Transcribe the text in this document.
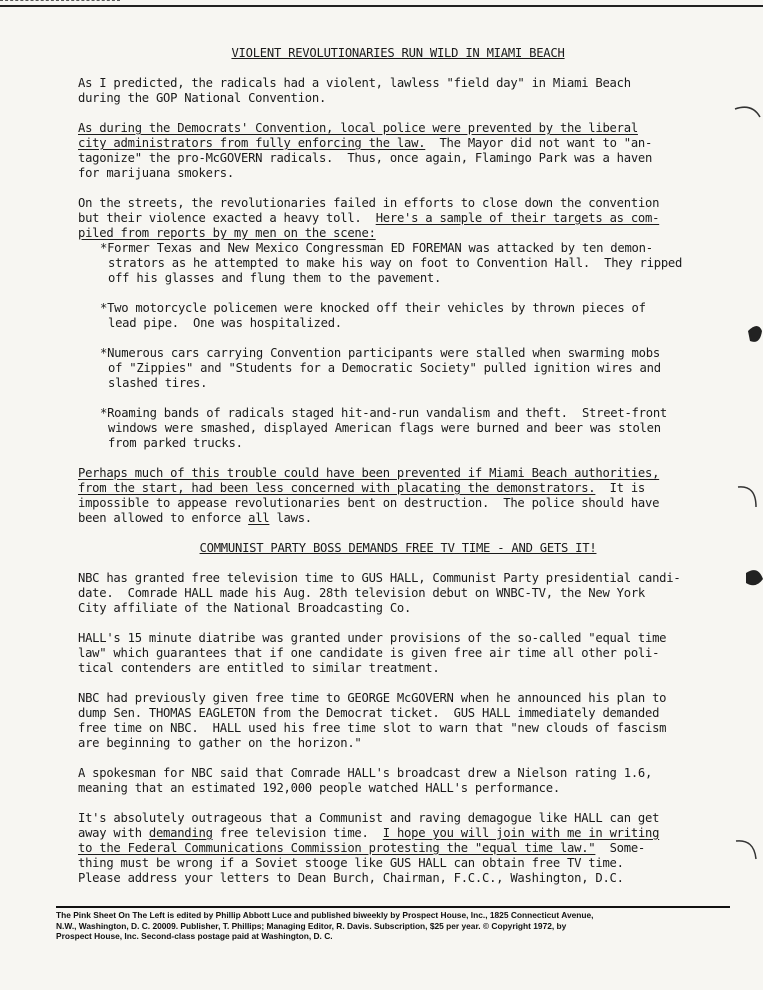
VIOLENT REVOLUTIONARIES RUN WILD IN MIAMI BEACH

As I predicted, the radicals had a violent, lawless "field day" in Miami Beach
during the GOP National Convention.

As during the Democrats' Convention, local police were prevented by the liberal
city administrators from fully enforcing the law.  The Mayor did not want to "an-
tagonize" the pro-McGOVERN radicals.  Thus, once again, Flamingo Park was a haven
for marijuana smokers.

On the streets, the revolutionaries failed in efforts to close down the convention
but their violence exacted a heavy toll.  Here's a sample of their targets as com-
piled from reports by my men on the scene:

*Former Texas and New Mexico Congressman ED FOREMAN was attacked by ten demon-
strators as he attempted to make his way on foot to Convention Hall.  They ripped
off his glasses and flung them to the pavement.
*Two motorcycle policemen were knocked off their vehicles by thrown pieces of
lead pipe.  One was hospitalized.
*Numerous cars carrying Convention participants were stalled when swarming mobs
of "Zippies" and "Students for a Democratic Society" pulled ignition wires and
slashed tires.
*Roaming bands of radicals staged hit-and-run vandalism and theft.  Street-front
windows were smashed, displayed American flags were burned and beer was stolen
from parked trucks.

Perhaps much of this trouble could have been prevented if Miami Beach authorities,
from the start, had been less concerned with placating the demonstrators.  It is
impossible to appease revolutionaries bent on destruction.  The police should have
been allowed to enforce all laws.

COMMUNIST PARTY BOSS DEMANDS FREE TV TIME - AND GETS IT!

NBC has granted free television time to GUS HALL, Communist Party presidential candi-
date.  Comrade HALL made his Aug. 28th television debut on WNBC-TV, the New York
City affiliate of the National Broadcasting Co.

HALL's 15 minute diatribe was granted under provisions of the so-called "equal time
law" which guarantees that if one candidate is given free air time all other poli-
tical contenders are entitled to similar treatment.

NBC had previously given free time to GEORGE McGOVERN when he announced his plan to
dump Sen. THOMAS EAGLETON from the Democrat ticket.  GUS HALL immediately demanded
free time on NBC.  HALL used his free time slot to warn that "new clouds of fascism
are beginning to gather on the horizon."

A spokesman for NBC said that Comrade HALL's broadcast drew a Nielson rating 1.6,
meaning that an estimated 192,000 people watched HALL's performance.

It's absolutely outrageous that a Communist and raving demagogue like HALL can get
away with demanding free television time.  I hope you will join with me in writing
to the Federal Communications Commission protesting the "equal time law."  Some-
thing must be wrong if a Soviet stooge like GUS HALL can obtain free TV time.
Please address your letters to Dean Burch, Chairman, F.C.C., Washington, D.C.

The Pink Sheet On The Left is edited by Phillip Abbott Luce and published biweekly by Prospect House, Inc., 1825 Connecticut Avenue,
N.W., Washington, D. C. 20009. Publisher, T. Phillips; Managing Editor, R. Davis. Subscription, $25 per year. © Copyright 1972, by
Prospect House, Inc. Second-class postage paid at Washington, D. C.
